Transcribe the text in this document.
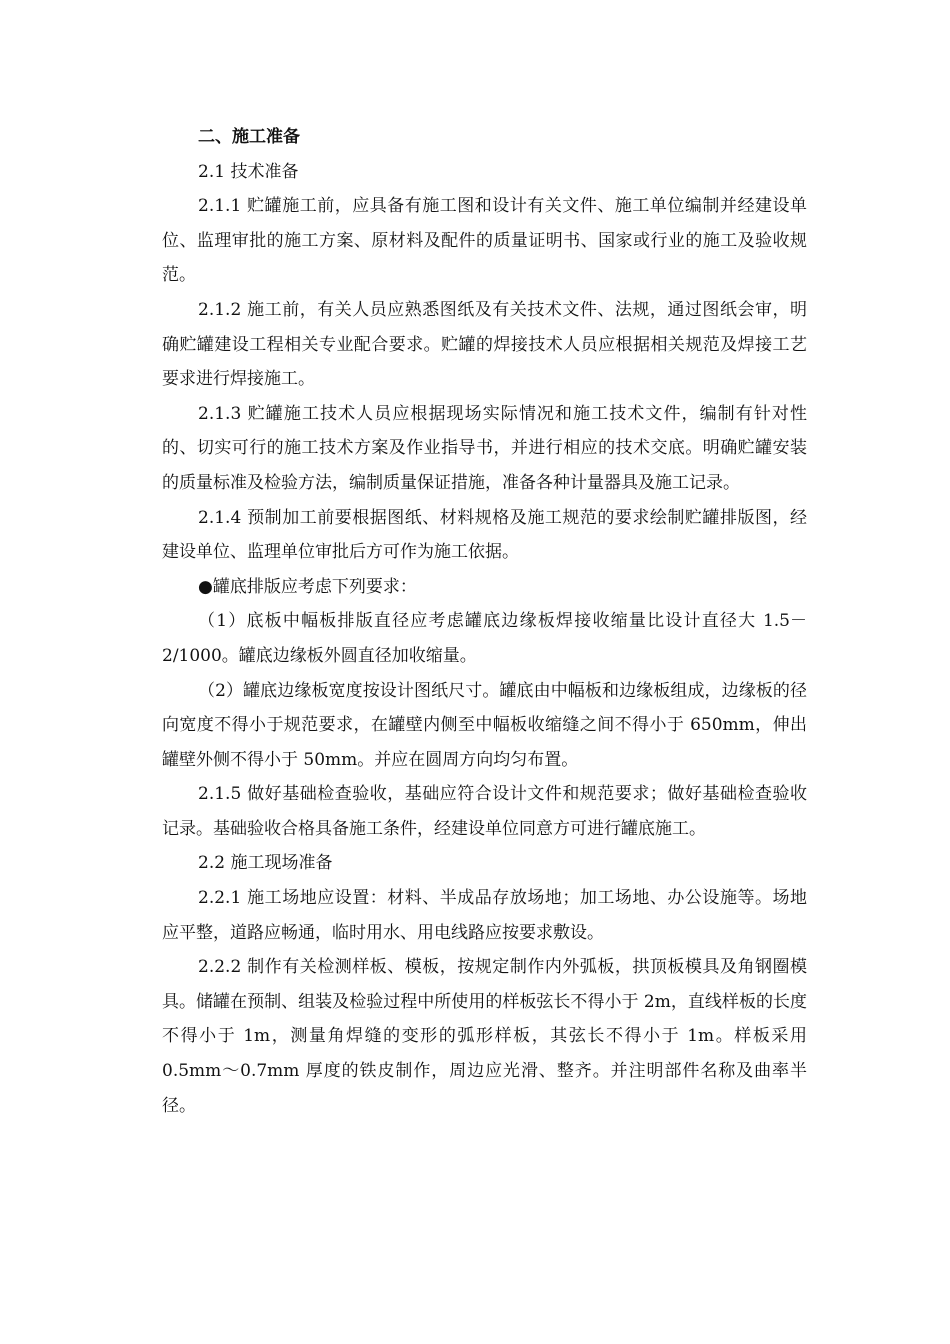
二、施工准备

2.1 技术准备

2.1.1 贮罐施工前，应具备有施工图和设计有关文件、施工单位编制并经建设单位、监理审批的施工方案、原材料及配件的质量证明书、国家或行业的施工及验收规范。

2.1.2 施工前，有关人员应熟悉图纸及有关技术文件、法规，通过图纸会审，明确贮罐建设工程相关专业配合要求。贮罐的焊接技术人员应根据相关规范及焊接工艺要求进行焊接施工。

2.1.3 贮罐施工技术人员应根据现场实际情况和施工技术文件，编制有针对性的、切实可行的施工技术方案及作业指导书，并进行相应的技术交底。明确贮罐安装的质量标准及检验方法，编制质量保证措施，准备各种计量器具及施工记录。

2.1.4 预制加工前要根据图纸、材料规格及施工规范的要求绘制贮罐排版图，经建设单位、监理单位审批后方可作为施工依据。

●罐底排版应考虑下列要求：

（1）底板中幅板排版直径应考虑罐底边缘板焊接收缩量比设计直径大 1.5－2/1000。罐底边缘板外圆直径加收缩量。

（2）罐底边缘板宽度按设计图纸尺寸。罐底由中幅板和边缘板组成，边缘板的径向宽度不得小于规范要求，在罐壁内侧至中幅板收缩缝之间不得小于 650mm，伸出罐壁外侧不得小于 50mm。并应在圆周方向均匀布置。

2.1.5 做好基础检查验收，基础应符合设计文件和规范要求；做好基础检查验收记录。基础验收合格具备施工条件，经建设单位同意方可进行罐底施工。

2.2 施工现场准备

2.2.1 施工场地应设置：材料、半成品存放场地；加工场地、办公设施等。场地应平整，道路应畅通，临时用水、用电线路应按要求敷设。

2.2.2 制作有关检测样板、模板，按规定制作内外弧板，拱顶板模具及角钢圈模具。储罐在预制、组装及检验过程中所使用的样板弦长不得小于 2m，直线样板的长度不得小于 1m，测量角焊缝的变形的弧形样板，其弦长不得小于 1m。样板采用 0.5mm～0.7mm 厚度的铁皮制作，周边应光滑、整齐。并注明部件名称及曲率半径。
